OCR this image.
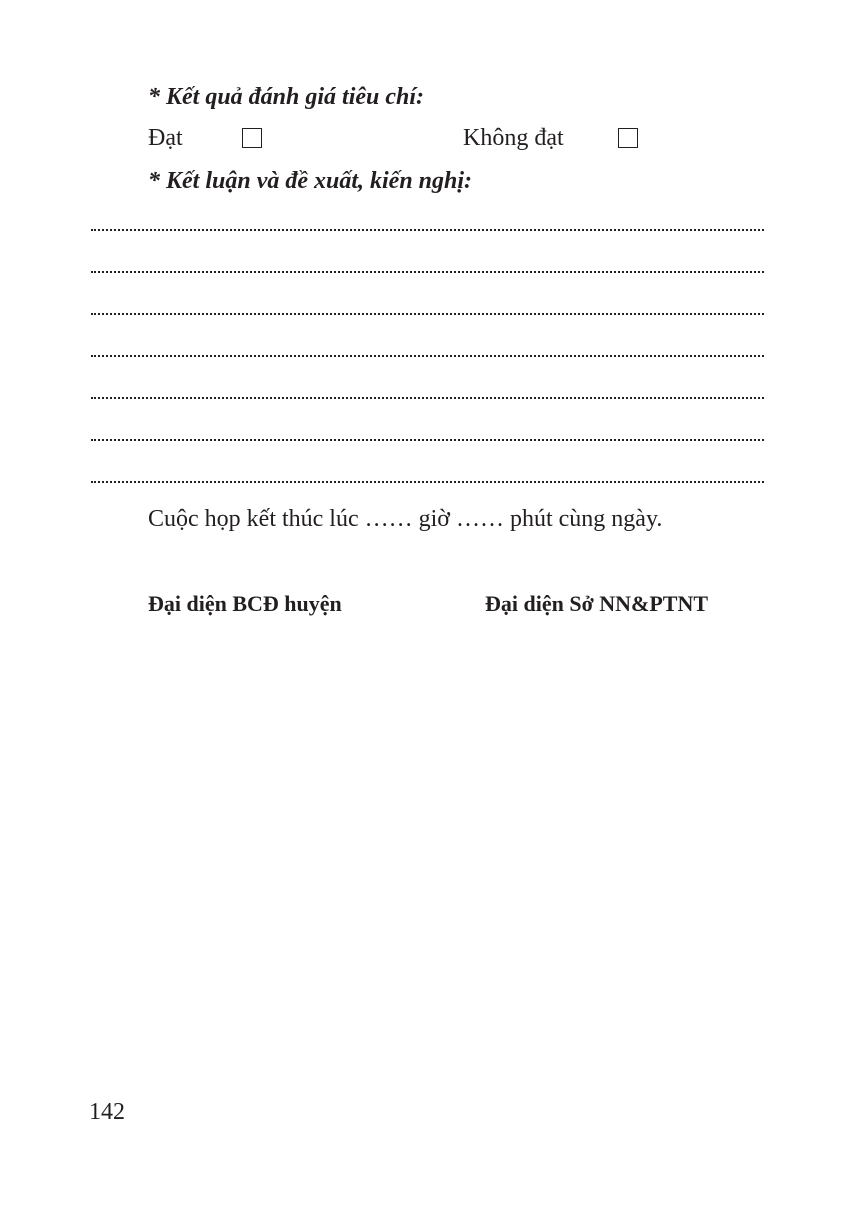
* Kết quả đánh giá tiêu chí:
Đạt	Không đạt
* Kết luận và đề xuất, kiến nghị:
Cuộc họp kết thúc lúc …… giờ …… phút cùng ngày.
Đại diện BCĐ huyện	Đại diện Sở NN&PTNT
142
